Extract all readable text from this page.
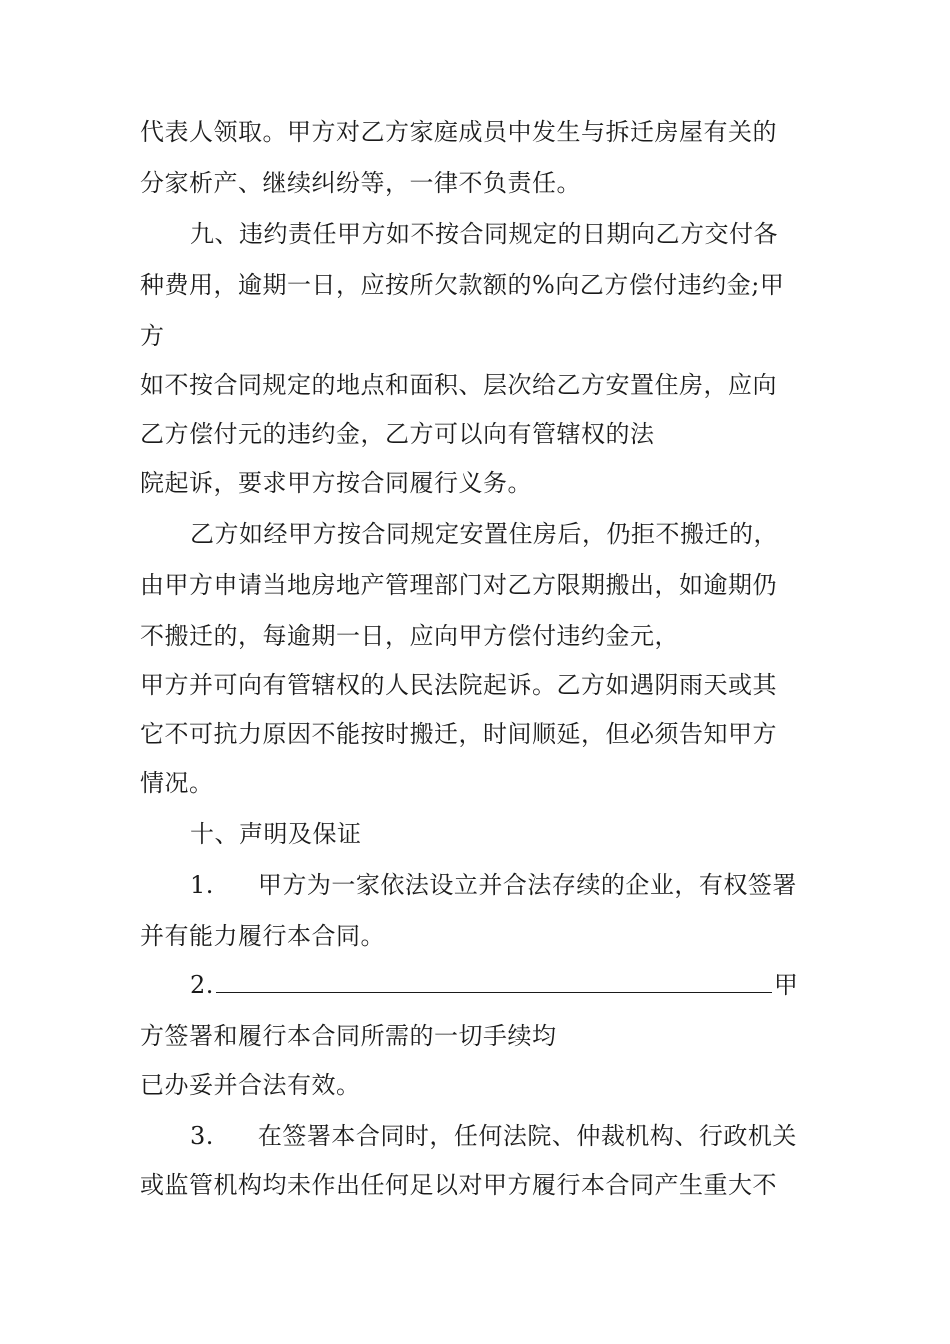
代表人领取。甲方对乙方家庭成员中发生与拆迁房屋有关的
分家析产、继续纠纷等，一律不负责任。
九、违约责任甲方如不按合同规定的日期向乙方交付各
种费用，逾期一日，应按所欠款额的%向乙方偿付违约金;甲
方
如不按合同规定的地点和面积、层次给乙方安置住房，应向
乙方偿付元的违约金，乙方可以向有管辖权的法
院起诉，要求甲方按合同履行义务。
乙方如经甲方按合同规定安置住房后，仍拒不搬迁的，
由甲方申请当地房地产管理部门对乙方限期搬出，如逾期仍
不搬迁的，每逾期一日，应向甲方偿付违约金元，
甲方并可向有管辖权的人民法院起诉。乙方如遇阴雨天或其
它不可抗力原因不能按时搬迁，时间顺延，但必须告知甲方
情况。
十、声明及保证
1. 甲方为一家依法设立并合法存续的企业，有权签署
并有能力履行本合同。
2.	甲
方签署和履行本合同所需的一切手续均
已办妥并合法有效。
3. 在签署本合同时，任何法院、仲裁机构、行政机关
或监管机构均未作出任何足以对甲方履行本合同产生重大不
